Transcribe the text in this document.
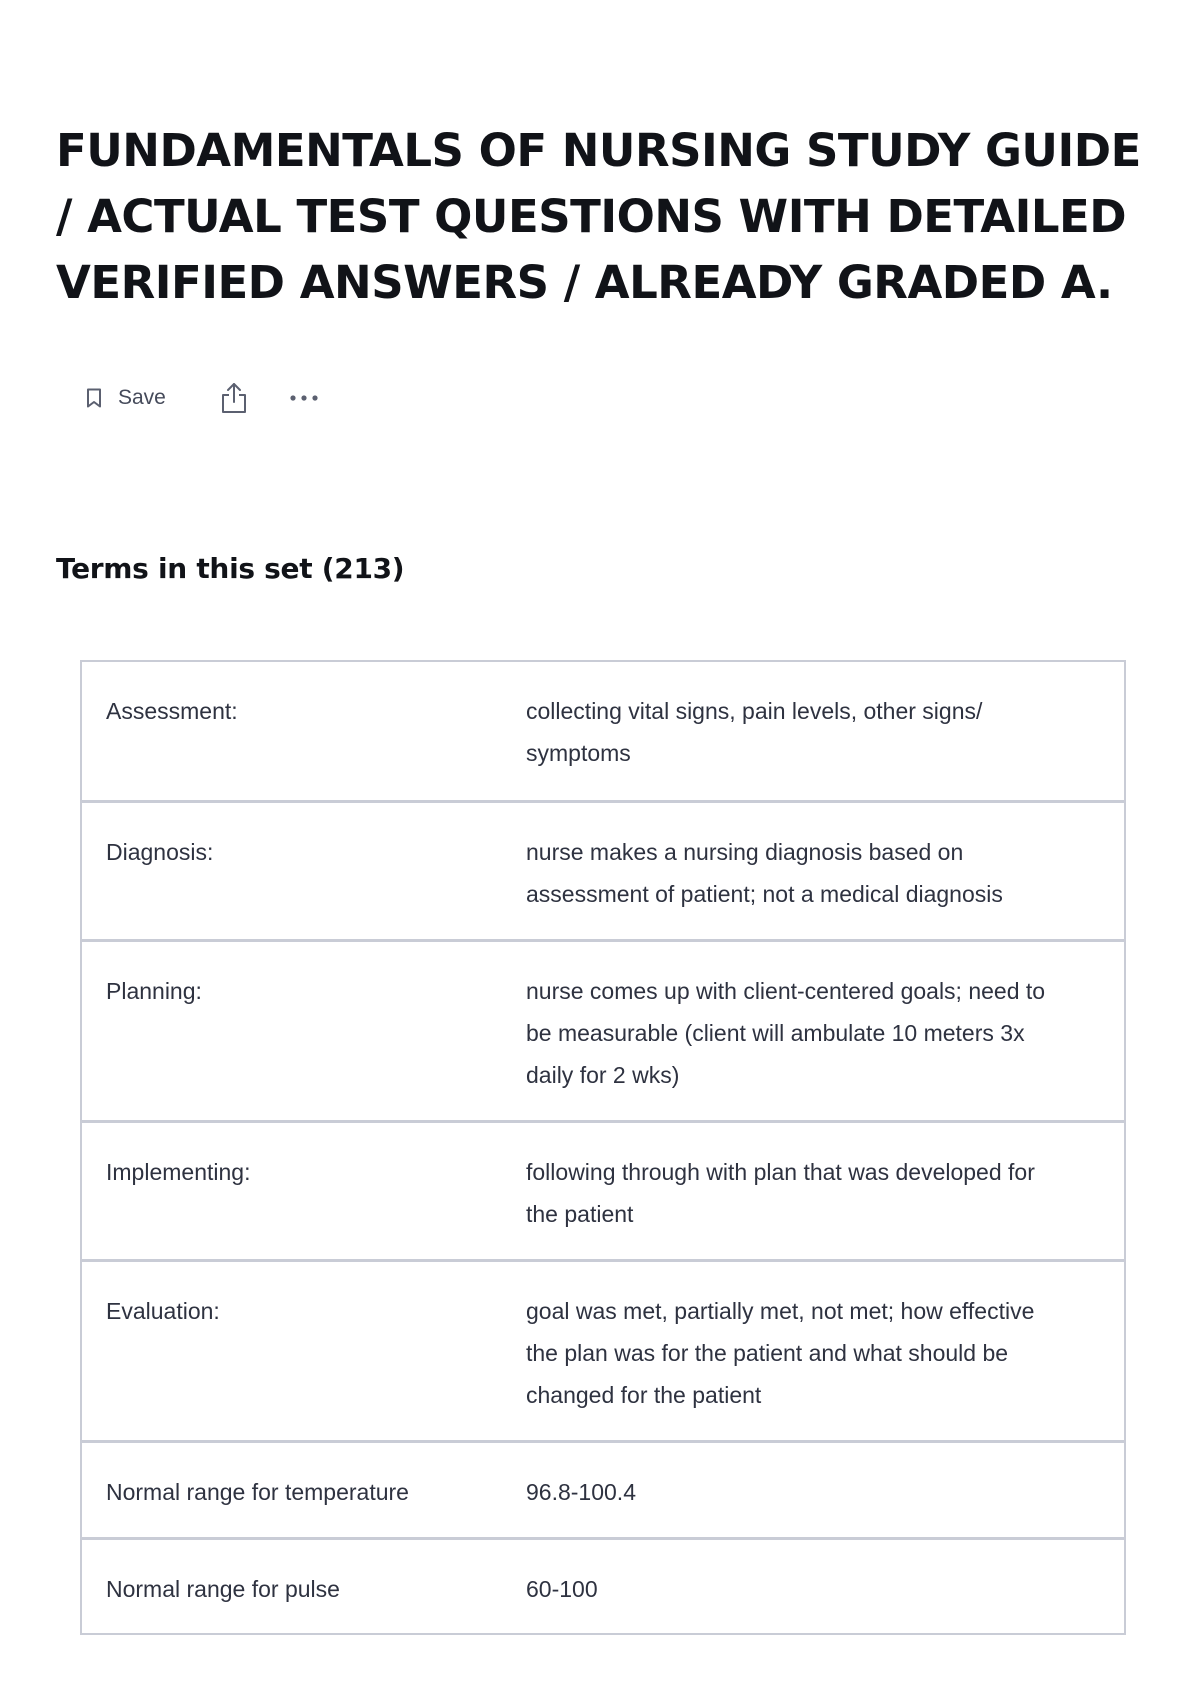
FUNDAMENTALS OF NURSING STUDY GUIDE / ACTUAL TEST QUESTIONS WITH DETAILED VERIFIED ANSWERS / ALREADY GRADED A.
Save
Terms in this set (213)
Assessment:	collecting vital signs, pain levels, other signs/ symptoms
Diagnosis:	nurse makes a nursing diagnosis based on assessment of patient; not a medical diagnosis
Planning:	nurse comes up with client-centered goals; need to be measurable (client will ambulate 10 meters 3x daily for 2 wks)
Implementing:	following through with plan that was developed for the patient
Evaluation:	goal was met, partially met, not met; how effective the plan was for the patient and what should be changed for the patient
Normal range for temperature	96.8-100.4
Normal range for pulse	60-100
